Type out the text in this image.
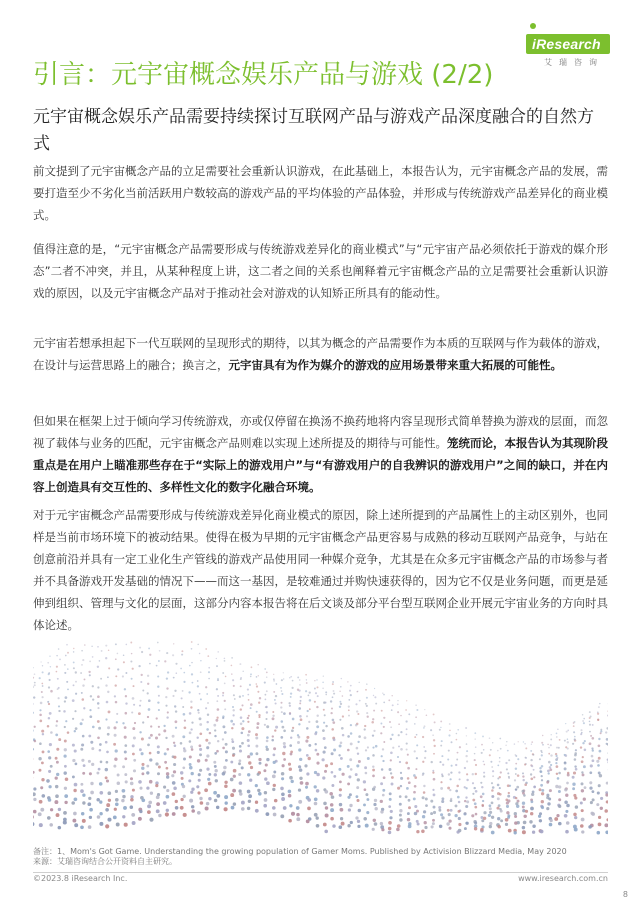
iResearch
艾瑞咨询
引言：元宇宙概念娱乐产品与游戏 (2/2)
元宇宙概念娱乐产品需要持续探讨互联网产品与游戏产品深度融合的自然方式

前文提到了元宇宙概念产品的立足需要社会重新认识游戏，在此基础上，本报告认为，元宇宙概念产品的发展，需要打造至少不劣化当前活跃用户数较高的游戏产品的平均体验的产品体验，并形成与传统游戏产品差异化的商业模式。

值得注意的是，“元宇宙概念产品需要形成与传统游戏差异化的商业模式”与“元宇宙产品必须依托于游戏的媒介形态”二者不冲突，并且，从某种程度上讲，这二者之间的关系也阐释着元宇宙概念产品的立足需要社会重新认识游戏的原因，以及元宇宙概念产品对于推动社会对游戏的认知矫正所具有的能动性。

元宇宙若想承担起下一代互联网的呈现形式的期待，以其为概念的产品需要作为本质的互联网与作为载体的游戏，在设计与运营思路上的融合；换言之，元宇宙具有为作为媒介的游戏的应用场景带来重大拓展的可能性。

但如果在框架上过于倾向学习传统游戏，亦或仅停留在换汤不换药地将内容呈现形式简单替换为游戏的层面，而忽视了载体与业务的匹配，元宇宙概念产品则难以实现上述所提及的期待与可能性。笼统而论，本报告认为其现阶段重点是在用户上瞄准那些存在于“实际上的游戏用户”与“有游戏用户的自我辨识的游戏用户”之间的缺口，并在内容上创造具有交互性的、多样性文化的数字化融合环境。

对于元宇宙概念产品需要形成与传统游戏差异化商业模式的原因，除上述所提到的产品属性上的主动区别外，也同样是当前市场环境下的被动结果。使得在极为早期的元宇宙概念产品更容易与成熟的移动互联网产品竞争，与站在创意前沿并具有一定工业化生产管线的游戏产品使用同一种媒介竞争，尤其是在众多元宇宙概念产品的市场参与者并不具备游戏开发基础的情况下——而这一基因，是较难通过并购快速获得的，因为它不仅是业务问题，而更是延伸到组织、管理与文化的层面，这部分内容本报告将在后文谈及部分平台型互联网企业开展元宇宙业务的方向时具体论述。

备注：1、Mom's Got Game. Understanding the growing population of Gamer Moms. Published by Activision Blizzard Media, May 2020
来源：艾瑞咨询结合公开资料自主研究。
©2023.8 iResearch Inc.	www.iresearch.com.cn
8
